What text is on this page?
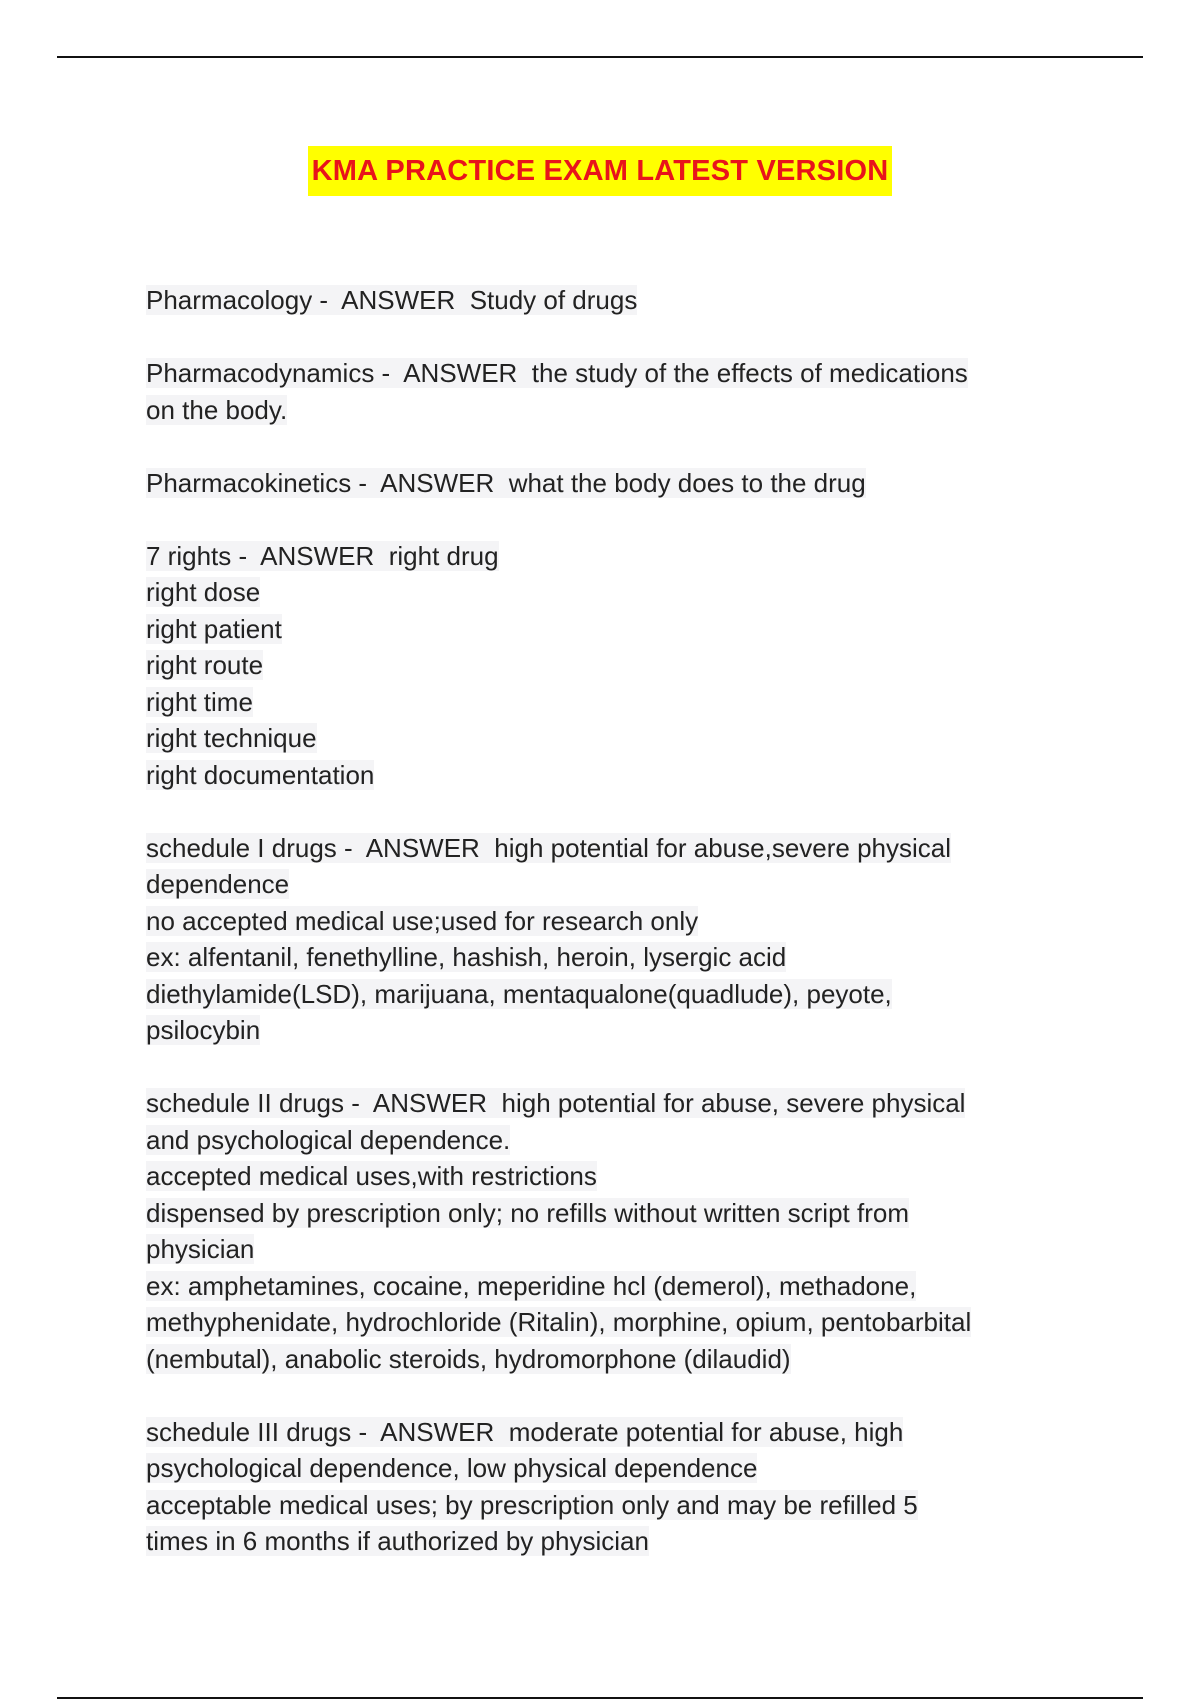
KMA PRACTICE EXAM LATEST VERSION
Pharmacology -  ANSWER Study of drugs
Pharmacodynamics -  ANSWER the study of the effects of medications
on the body.
Pharmacokinetics -  ANSWER what the body does to the drug
7 rights -  ANSWER right drug
right dose
right patient
right route
right time
right technique
right documentation
schedule I drugs -  ANSWER high potential for abuse,severe physical
dependence
no accepted medical use;used for research only
ex: alfentanil, fenethylline, hashish, heroin, lysergic acid
diethylamide(LSD), marijuana, mentaqualone(quadlude), peyote,
psilocybin
schedule II drugs -  ANSWER high potential for abuse, severe physical
and psychological dependence.
accepted medical uses,with restrictions
dispensed by prescription only; no refills without written script from
physician
ex: amphetamines, cocaine, meperidine hcl (demerol), methadone,
methyphenidate, hydrochloride (Ritalin), morphine, opium, pentobarbital
(nembutal), anabolic steroids, hydromorphone (dilaudid)
schedule III drugs -  ANSWER moderate potential for abuse, high
psychological dependence, low physical dependence
acceptable medical uses; by prescription only and may be refilled 5
times in 6 months if authorized by physician
